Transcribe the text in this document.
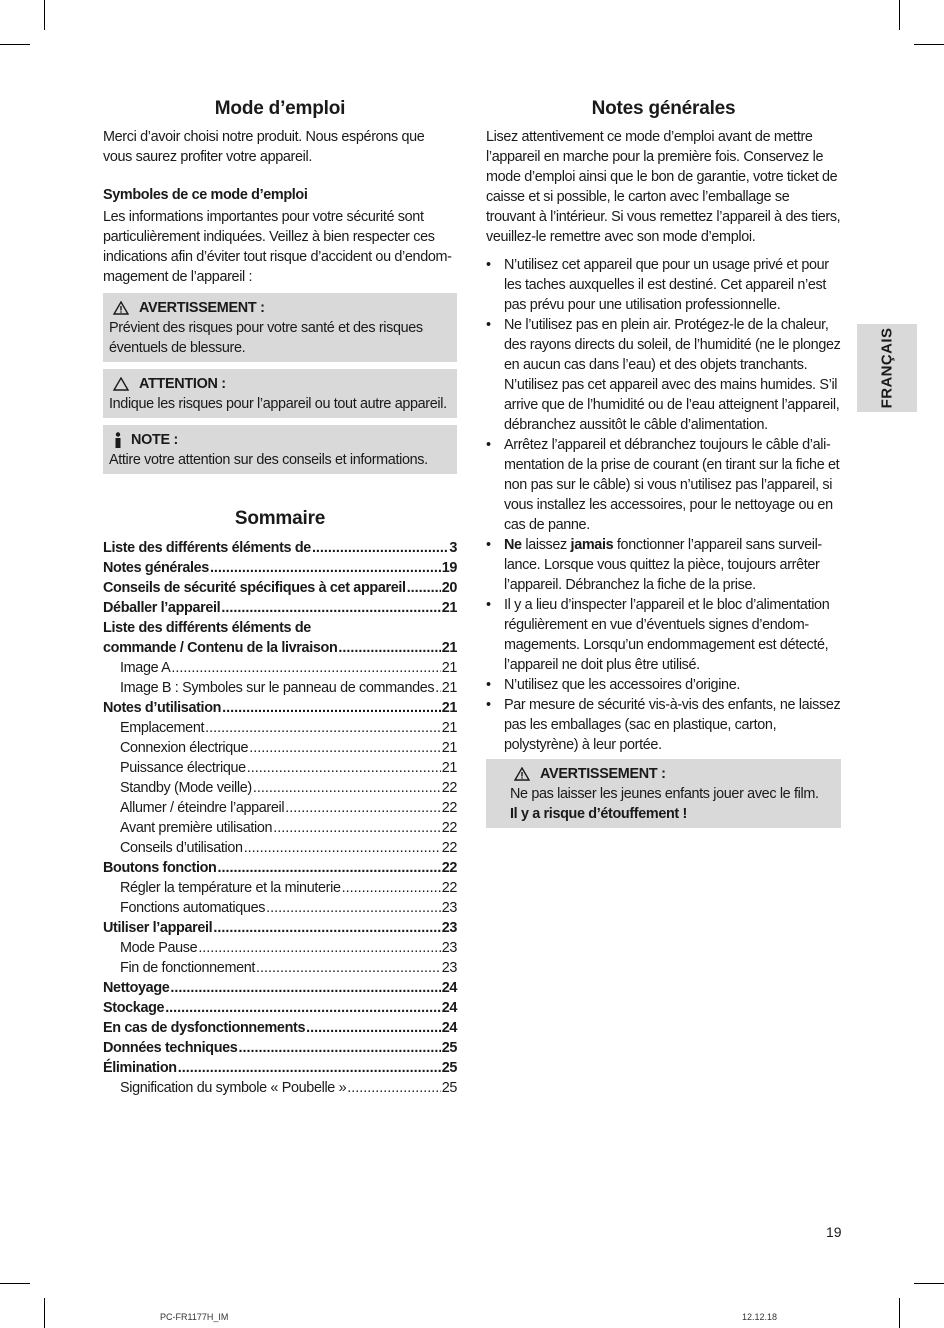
Mode d’emploi

Merci d’avoir choisi notre produit. Nous espérons que vous saurez profiter votre appareil.

Symboles de ce mode d’emploi

Les informations importantes pour votre sécurité sont particulièrement indiquées. Veillez à bien respecter ces indications afin d’éviter tout risque d’accident ou d’endom-magement de l’appareil :

AVERTISSEMENT :

Prévient des risques pour votre santé et des risques éventuels de blessure.

ATTENTION :

Indique les risques pour l’appareil ou tout autre appareil.

NOTE :

Attire votre attention sur des conseils et informations.

Sommaire
Liste des différents éléments de .....	3
Notes générales .....	19
Conseils de sécurité spécifiques à cet appareil .....	20
Déballer l’appareil .....	21
Liste des différents éléments de
commande / Contenu de la livraison .....	21
Image A .....	21
Image B : Symboles sur le panneau de commandes ..... 21
Notes d’utilisation .....	21
Emplacement .....	21
Connexion électrique .....	21
Puissance électrique .....	21
Standby (Mode veille) .....	22
Allumer / éteindre l’appareil .....	22
Avant première utilisation .....	22
Conseils d’utilisation .....	22
Boutons fonction .....	22
Régler la température et la minuterie .....	22
Fonctions automatiques .....	23
Utiliser l’appareil .....	23
Mode Pause .....	23
Fin de fonctionnement .....	23
Nettoyage .....	24
Stockage .....	24
En cas de dysfonctionnements .....	24
Données techniques .....	25
Élimination .....	25
Signification du symbole « Poubelle » .....	25
Notes générales

Lisez attentivement ce mode d’emploi avant de mettre l’appareil en marche pour la première fois. Conservez le mode d’emploi ainsi que le bon de garantie, votre ticket de caisse et si possible, le carton avec l’emballage se trouvant à l’intérieur. Si vous remettez l’appareil à des tiers, veuillez-le remettre avec son mode d’emploi.

• N’utilisez cet appareil que pour un usage privé et pour les taches auxquelles il est destiné. Cet appareil n’est pas prévu pour une utilisation professionnelle.
• Ne l’utilisez pas en plein air. Protégez-le de la chaleur, des rayons directs du soleil, de l’humidité (ne le plongez en aucun cas dans l’eau) et des objets tranchants. N’utilisez pas cet appareil avec des mains humides. S’il arrive que de l’humidité ou de l’eau atteignent l’appareil, débranchez aussitôt le câble d’alimentation.
• Arrêtez l’appareil et débranchez toujours le câble d’ali-mentation de la prise de courant (en tirant sur la fiche et non pas sur le câble) si vous n’utilisez pas l’appareil, si vous installez les accessoires, pour le nettoyage ou en cas de panne.
• Ne laissez jamais fonctionner l’appareil sans surveil-lance. Lorsque vous quittez la pièce, toujours arrêter l’appareil. Débranchez la fiche de la prise.
• Il y a lieu d’inspecter l’appareil et le bloc d’alimentation régulièrement en vue d’éventuels signes d’endom-magements. Lorsqu’un endommagement est détecté, l’appareil ne doit plus être utilisé.
• N’utilisez que les accessoires d’origine.
• Par mesure de sécurité vis-à-vis des enfants, ne laissez pas les emballages (sac en plastique, carton, polystyrène) à leur portée.
AVERTISSEMENT :

Ne pas laisser les jeunes enfants jouer avec le film.

Il y a risque d’étouffement !

FRANÇAIS
19
PC-FR1177H_IM	12.12.18
